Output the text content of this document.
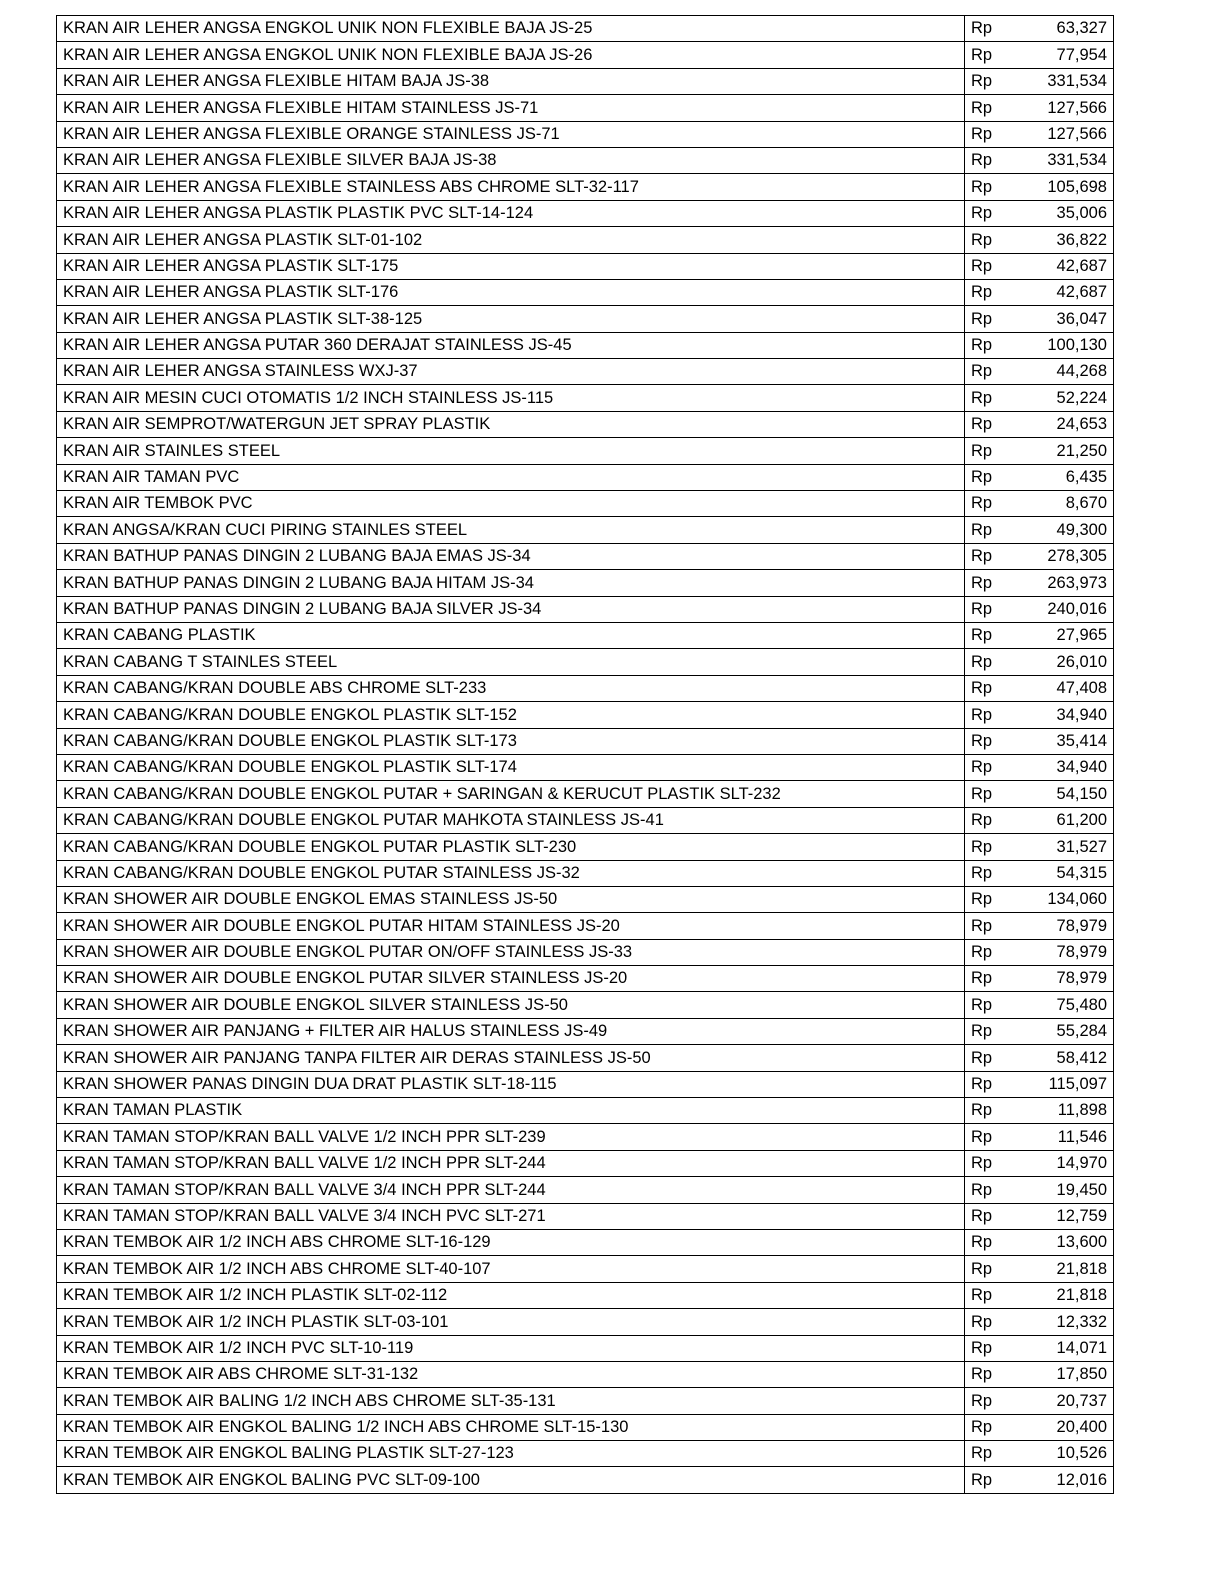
KRAN AIR LEHER ANGSA ENGKOL UNIK NON FLEXIBLE BAJA JS-25	Rp	63,327
KRAN AIR LEHER ANGSA ENGKOL UNIK NON FLEXIBLE BAJA JS-26	Rp	77,954
KRAN AIR LEHER ANGSA FLEXIBLE HITAM BAJA JS-38	Rp	331,534
KRAN AIR LEHER ANGSA FLEXIBLE HITAM STAINLESS JS-71	Rp	127,566
KRAN AIR LEHER ANGSA FLEXIBLE ORANGE STAINLESS JS-71	Rp	127,566
KRAN AIR LEHER ANGSA FLEXIBLE SILVER BAJA JS-38	Rp	331,534
KRAN AIR LEHER ANGSA FLEXIBLE STAINLESS ABS CHROME SLT-32-117	Rp	105,698
KRAN AIR LEHER ANGSA PLASTIK PLASTIK PVC SLT-14-124	Rp	35,006
KRAN AIR LEHER ANGSA PLASTIK SLT-01-102	Rp	36,822
KRAN AIR LEHER ANGSA PLASTIK SLT-175	Rp	42,687
KRAN AIR LEHER ANGSA PLASTIK SLT-176	Rp	42,687
KRAN AIR LEHER ANGSA PLASTIK SLT-38-125	Rp	36,047
KRAN AIR LEHER ANGSA PUTAR 360 DERAJAT STAINLESS JS-45	Rp	100,130
KRAN AIR LEHER ANGSA STAINLESS WXJ-37	Rp	44,268
KRAN AIR MESIN CUCI OTOMATIS 1/2 INCH STAINLESS JS-115	Rp	52,224
KRAN AIR SEMPROT/WATERGUN JET SPRAY PLASTIK	Rp	24,653
KRAN AIR STAINLES STEEL	Rp	21,250
KRAN AIR TAMAN PVC	Rp	6,435
KRAN AIR TEMBOK PVC	Rp	8,670
KRAN ANGSA/KRAN CUCI PIRING STAINLES STEEL	Rp	49,300
KRAN BATHUP PANAS DINGIN 2 LUBANG BAJA EMAS JS-34	Rp	278,305
KRAN BATHUP PANAS DINGIN 2 LUBANG BAJA HITAM JS-34	Rp	263,973
KRAN BATHUP PANAS DINGIN 2 LUBANG BAJA SILVER JS-34	Rp	240,016
KRAN CABANG PLASTIK	Rp	27,965
KRAN CABANG T STAINLES STEEL	Rp	26,010
KRAN CABANG/KRAN DOUBLE ABS CHROME SLT-233	Rp	47,408
KRAN CABANG/KRAN DOUBLE ENGKOL PLASTIK SLT-152	Rp	34,940
KRAN CABANG/KRAN DOUBLE ENGKOL PLASTIK SLT-173	Rp	35,414
KRAN CABANG/KRAN DOUBLE ENGKOL PLASTIK SLT-174	Rp	34,940
KRAN CABANG/KRAN DOUBLE ENGKOL PUTAR + SARINGAN & KERUCUT PLASTIK SLT-232	Rp	54,150
KRAN CABANG/KRAN DOUBLE ENGKOL PUTAR MAHKOTA STAINLESS JS-41	Rp	61,200
KRAN CABANG/KRAN DOUBLE ENGKOL PUTAR PLASTIK SLT-230	Rp	31,527
KRAN CABANG/KRAN DOUBLE ENGKOL PUTAR STAINLESS JS-32	Rp	54,315
KRAN SHOWER AIR DOUBLE ENGKOL EMAS STAINLESS JS-50	Rp	134,060
KRAN SHOWER AIR DOUBLE ENGKOL PUTAR HITAM STAINLESS JS-20	Rp	78,979
KRAN SHOWER AIR DOUBLE ENGKOL PUTAR ON/OFF STAINLESS JS-33	Rp	78,979
KRAN SHOWER AIR DOUBLE ENGKOL PUTAR SILVER STAINLESS JS-20	Rp	78,979
KRAN SHOWER AIR DOUBLE ENGKOL SILVER STAINLESS JS-50	Rp	75,480
KRAN SHOWER AIR PANJANG + FILTER AIR HALUS STAINLESS JS-49	Rp	55,284
KRAN SHOWER AIR PANJANG TANPA FILTER AIR DERAS STAINLESS JS-50	Rp	58,412
KRAN SHOWER PANAS DINGIN DUA DRAT PLASTIK SLT-18-115	Rp	115,097
KRAN TAMAN PLASTIK	Rp	11,898
KRAN TAMAN STOP/KRAN BALL VALVE 1/2 INCH PPR SLT-239	Rp	11,546
KRAN TAMAN STOP/KRAN BALL VALVE 1/2 INCH PPR SLT-244	Rp	14,970
KRAN TAMAN STOP/KRAN BALL VALVE 3/4 INCH PPR SLT-244	Rp	19,450
KRAN TAMAN STOP/KRAN BALL VALVE 3/4 INCH PVC SLT-271	Rp	12,759
KRAN TEMBOK AIR 1/2 INCH ABS CHROME SLT-16-129	Rp	13,600
KRAN TEMBOK AIR 1/2 INCH ABS CHROME SLT-40-107	Rp	21,818
KRAN TEMBOK AIR 1/2 INCH PLASTIK SLT-02-112	Rp	21,818
KRAN TEMBOK AIR 1/2 INCH PLASTIK SLT-03-101	Rp	12,332
KRAN TEMBOK AIR 1/2 INCH PVC SLT-10-119	Rp	14,071
KRAN TEMBOK AIR ABS CHROME SLT-31-132	Rp	17,850
KRAN TEMBOK AIR BALING 1/2 INCH ABS CHROME SLT-35-131	Rp	20,737
KRAN TEMBOK AIR ENGKOL BALING 1/2 INCH ABS CHROME SLT-15-130	Rp	20,400
KRAN TEMBOK AIR ENGKOL BALING PLASTIK SLT-27-123	Rp	10,526
KRAN TEMBOK AIR ENGKOL BALING PVC SLT-09-100	Rp	12,016
